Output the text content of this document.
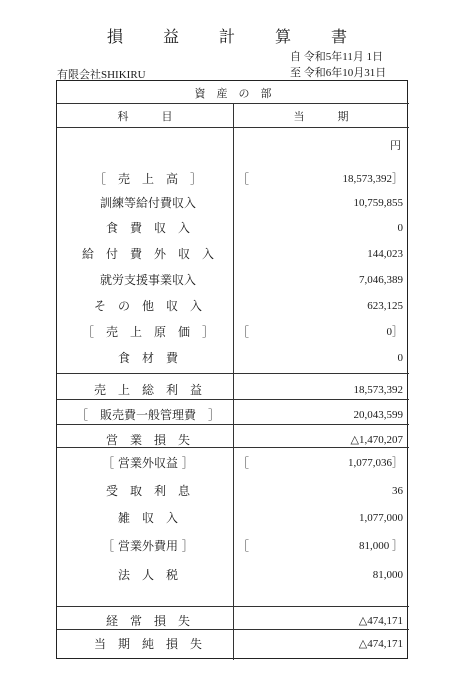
損　益　計　算　書
自 令和5年11月 1日
至 令和6年10月31日
有限会社SHIKIRU
資　産　の　部
科　　　目	当　　　期
円
［　売　上　高　］	［	18,573,392］
訓練等給付費収入	10,759,855
食　費　収　入	0
給　付　費　外　収　入	144,023
就労支援事業収入	7,046,389
そ　の　他　収　入	623,125
［　売　上　原　価　］	［	0］
食　材　費	0
売　上　総　利　益	18,573,392
［　販売費一般管理費　］	20,043,599
営　業　損　失	△1,470,207
［ 営業外収益 ］	［	1,077,036］
受　取　利　息	36
雑　収　入	1,077,000
［ 営業外費用 ］	［	81,000 ］
法　人　税	81,000
経　常　損　失	△474,171
当　期　純　損　失	△474,171
